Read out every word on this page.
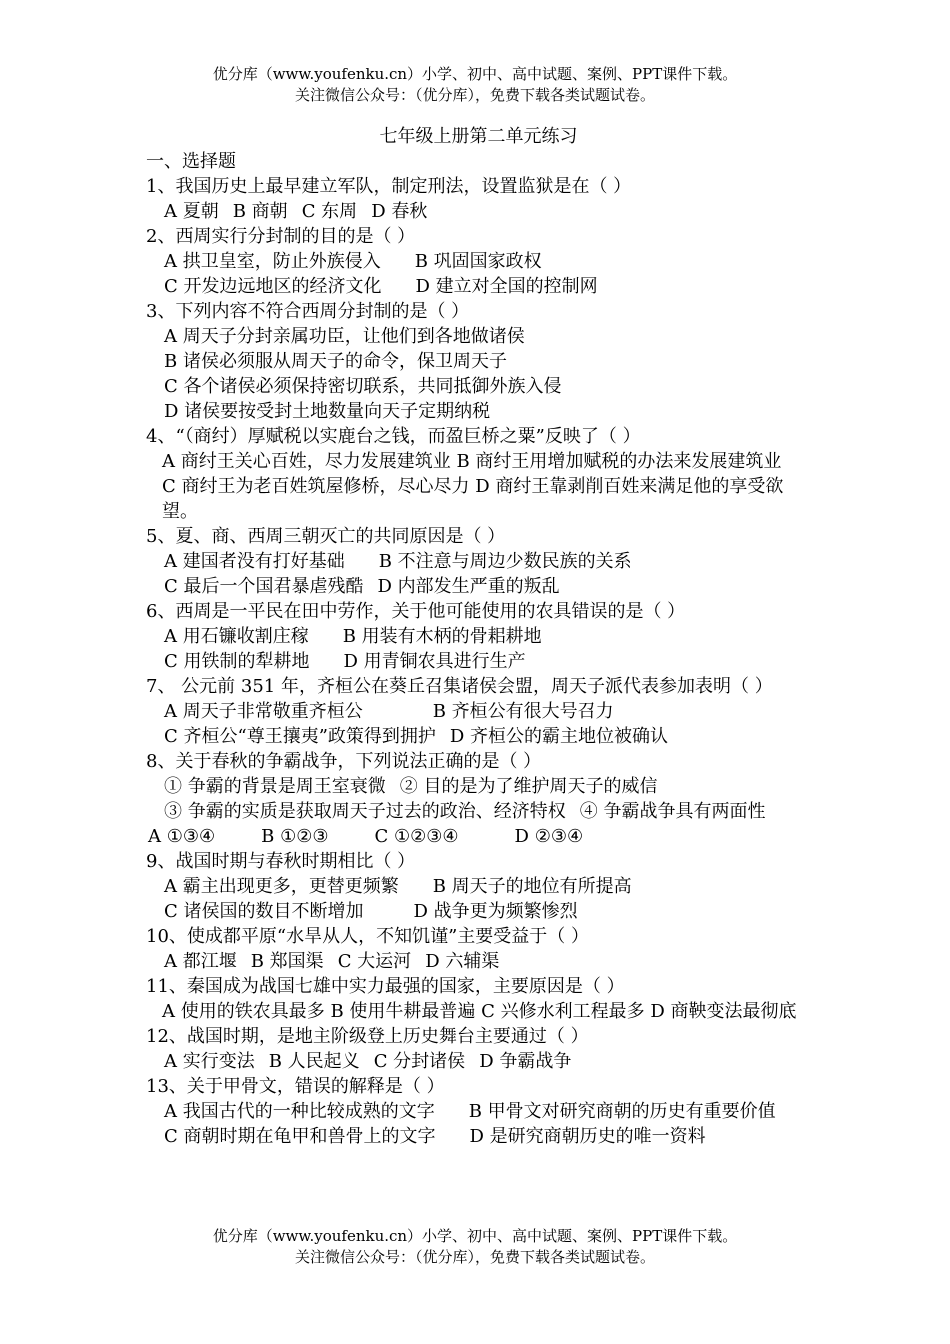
优分库（www.youfenku.cn）小学、初中、高中试题、案例、PPT课件下载。
关注微信公众号：（优分库），免费下载各类试题试卷。
七年级上册第二单元练习
一、选择题
1、我国历史上最早建立军队，制定刑法，设置监狱是在（ ）
A 夏朝 B 商朝 C 东周 D 春秋
2、西周实行分封制的目的是（ ）
A 拱卫皇室，防止外族侵入 B 巩固国家政权
C 开发边远地区的经济文化 D 建立对全国的控制网
3、下列内容不符合西周分封制的是（ ）
A 周天子分封亲属功臣，让他们到各地做诸侯
B 诸侯必须服从周天子的命令，保卫周天子
C 各个诸侯必须保持密切联系，共同抵御外族入侵
D 诸侯要按受封土地数量向天子定期纳税
4、“（商纣）厚赋税以实鹿台之钱，而盈巨桥之粟”反映了（ ）
A 商纣王关心百姓，尽力发展建筑业 B 商纣王用增加赋税的办法来发展建筑业
C 商纣王为老百姓筑屋修桥，尽心尽力 D 商纣王靠剥削百姓来满足他的享受欲望。
5、夏、商、西周三朝灭亡的共同原因是（ ）
A 建国者没有打好基础 B 不注意与周边少数民族的关系
C 最后一个国君暴虐残酷 D 内部发生严重的叛乱
6、西周是一平民在田中劳作，关于他可能使用的农具错误的是（ ）
A 用石镰收割庄稼 B 用装有木柄的骨耜耕地
C 用铁制的犁耕地 D 用青铜农具进行生产
7、 公元前 351 年，齐桓公在葵丘召集诸侯会盟，周天子派代表参加表明（ ）
A 周天子非常敬重齐桓公	B 齐桓公有很大号召力
C 齐桓公“尊王攘夷”政策得到拥护 D 齐桓公的霸主地位被确认
8、关于春秋的争霸战争，下列说法正确的是（ ）
① 争霸的背景是周王室衰微 ② 目的是为了维护周天子的威信
③ 争霸的实质是获取周天子过去的政治、经济特权 ④ 争霸战争具有两面性
A ①③④	B ①②③	C ①②③④	D ②③④
9、战国时期与春秋时期相比（ ）
A 霸主出现更多，更替更频繁 B 周天子的地位有所提高
C 诸侯国的数目不断增加	D 战争更为频繁惨烈
10、使成都平原“水旱从人，不知饥谨”主要受益于（ ）
A 都江堰 B 郑国渠 C 大运河 D 六辅渠
11、秦国成为战国七雄中实力最强的国家，主要原因是（ ）
A 使用的铁农具最多 B 使用牛耕最普遍 C 兴修水利工程最多 D 商鞅变法最彻底
12、战国时期，是地主阶级登上历史舞台主要通过（ ）
A 实行变法 B 人民起义 C 分封诸侯 D 争霸战争
13、关于甲骨文，错误的解释是（ ）
A 我国古代的一种比较成熟的文字 B 甲骨文对研究商朝的历史有重要价值
C 商朝时期在龟甲和兽骨上的文字 D 是研究商朝历史的唯一资料
优分库（www.youfenku.cn）小学、初中、高中试题、案例、PPT课件下载。
关注微信公众号：（优分库），免费下载各类试题试卷。
